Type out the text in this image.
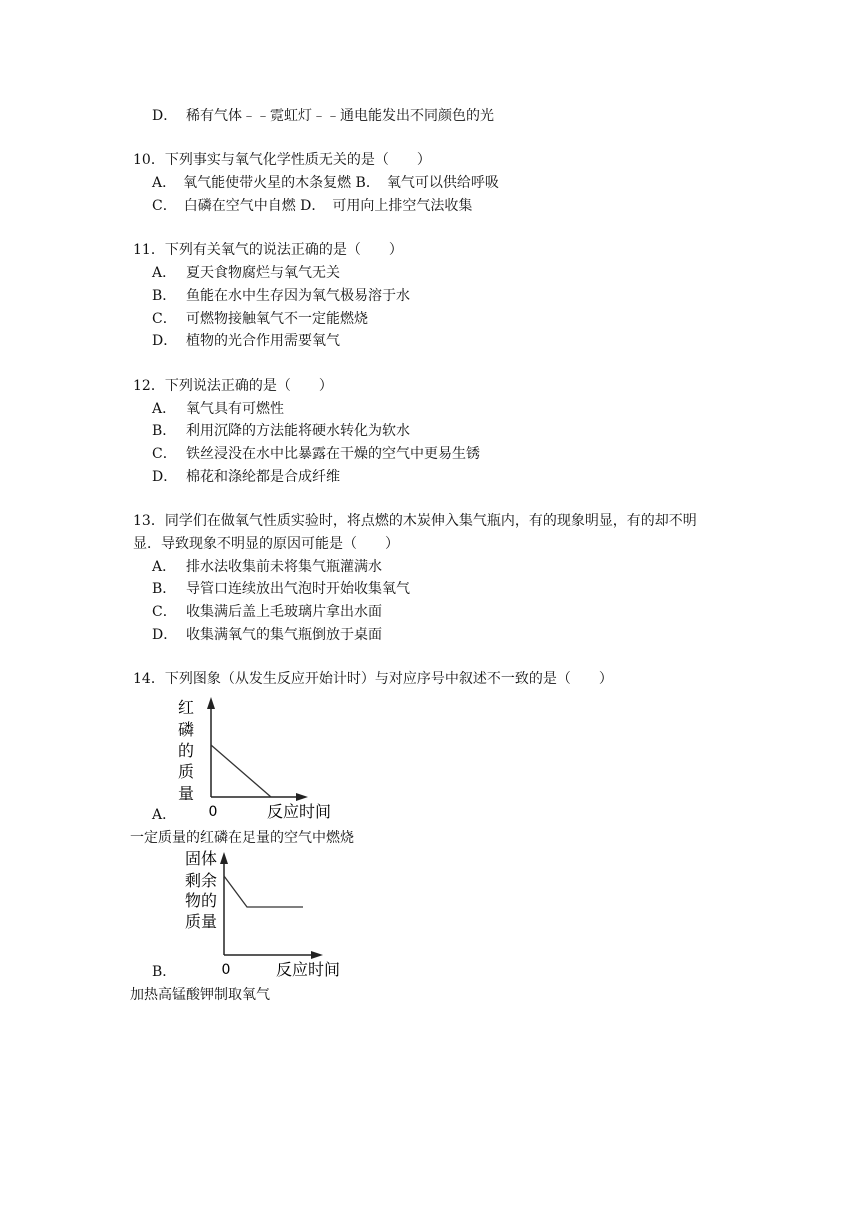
D． 稀有气体﹣﹣霓虹灯﹣﹣通电能发出不同颜色的光
10．下列事实与氧气化学性质无关的是（　　）
A．　氧气能使带火星的木条复燃 B．　氧气可以供给呼吸
C．　白磷在空气中自燃 D．　可用向上排空气法收集
11．下列有关氧气的说法正确的是（　　）
A． 夏天食物腐烂与氧气无关
B． 鱼能在水中生存因为氧气极易溶于水
C． 可燃物接触氧气不一定能燃烧
D． 植物的光合作用需要氧气
12．下列说法正确的是（　　）
A． 氧气具有可燃性
B． 利用沉降的方法能将硬水转化为软水
C． 铁丝浸没在水中比暴露在干燥的空气中更易生锈
D． 棉花和涤纶都是合成纤维
13．同学们在做氧气性质实验时，将点燃的木炭伸入集气瓶内，有的现象明显，有的却不明
显．导致现象不明显的原因可能是（　　）
A． 排水法收集前未将集气瓶灌满水
B． 导管口连续放出气泡时开始收集氧气
C． 收集满后盖上毛玻璃片拿出水面
D． 收集满氧气的集气瓶倒放于桌面
14．下列图象（从发生反应开始计时）与对应序号中叙述不一致的是（　　）
A．
红
磷
的
质
量
0	反应时间
一定质量的红磷在足量的空气中燃烧
B．
固体
剩余
物的
质量
0	反应时间
加热高锰酸钾制取氧气
